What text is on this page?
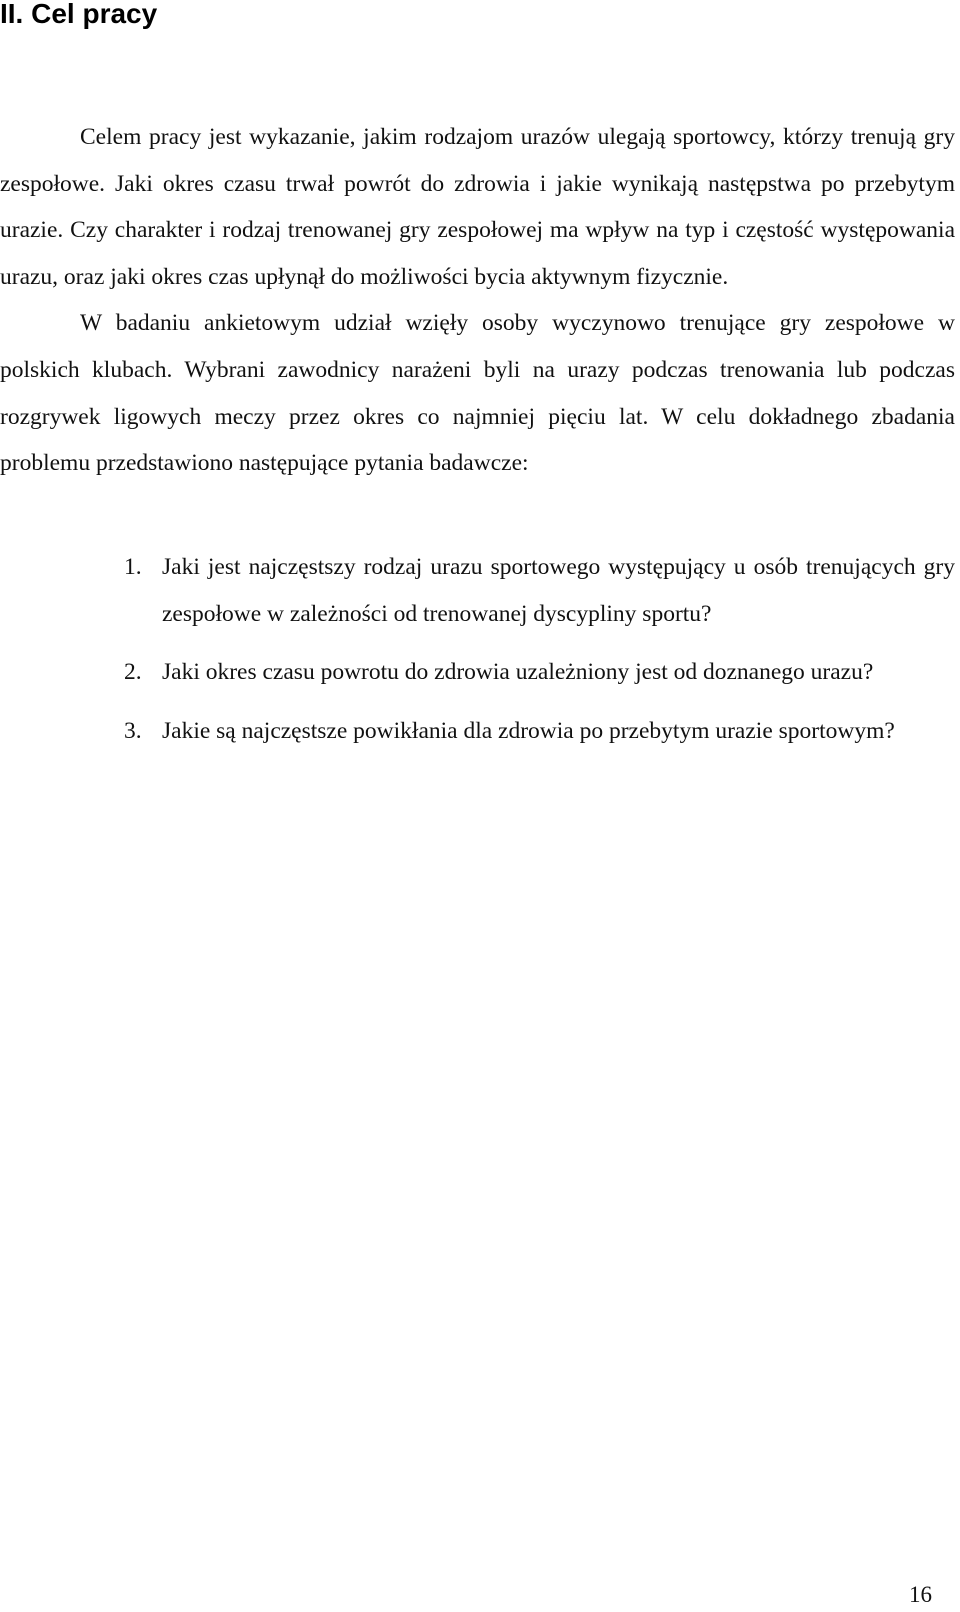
II. Cel pracy

Celem pracy jest wykazanie, jakim rodzajom urazów ulegają sportowcy, którzy trenują gry zespołowe. Jaki okres czasu trwał powrót do zdrowia i jakie wynikają następstwa po przebytym urazie. Czy charakter i rodzaj trenowanej gry zespołowej ma wpływ na typ i częstość występowania urazu, oraz jaki okres czas upłynął do możliwości bycia aktywnym fizycznie.

W badaniu ankietowym udział wzięły osoby wyczynowo trenujące gry zespołowe w polskich klubach. Wybrani zawodnicy narażeni byli na urazy podczas trenowania lub podczas rozgrywek ligowych meczy przez okres co najmniej pięciu lat. W celu dokładnego zbadania problemu przedstawiono następujące pytania badawcze:

1. Jaki jest najczęstszy rodzaj urazu sportowego występujący u osób trenujących gry zespołowe w zależności od trenowanej dyscypliny sportu?
2. Jaki okres czasu powrotu do zdrowia uzależniony jest od doznanego urazu?
3. Jakie są najczęstsze powikłania dla zdrowia po przebytym urazie sportowym?
16
